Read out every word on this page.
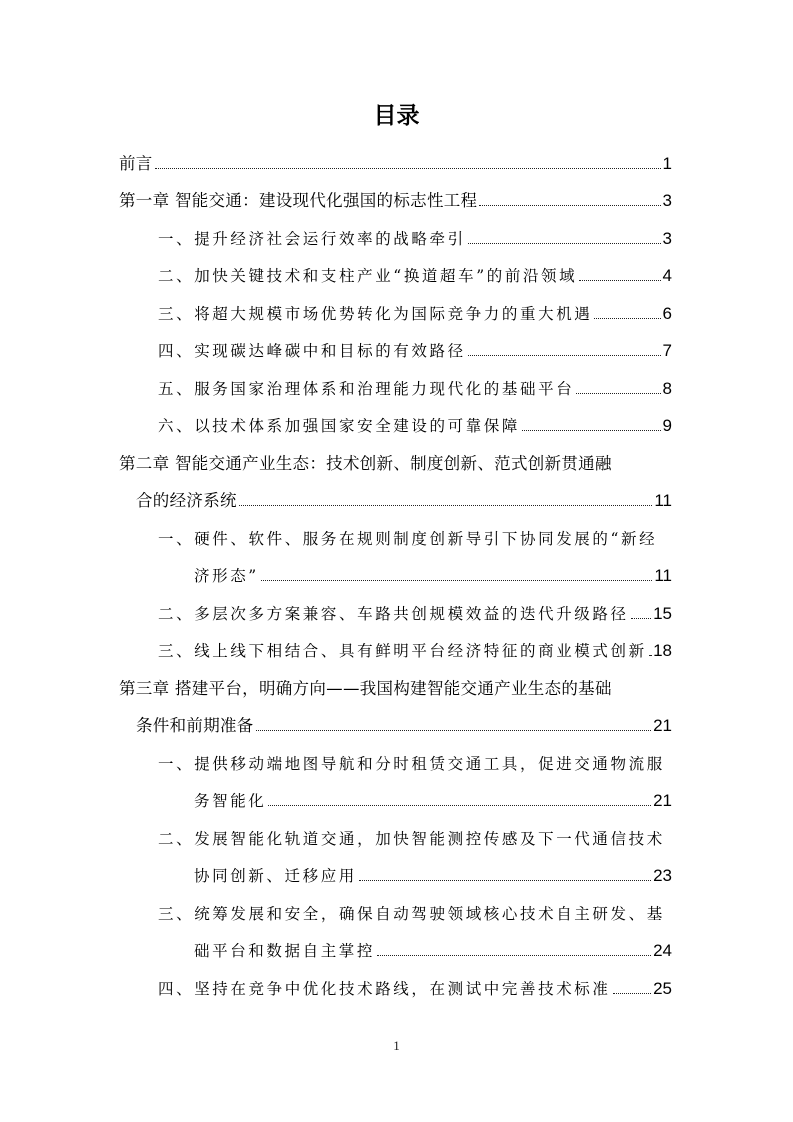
目录
前言	1
第一章 智能交通：建设现代化强国的标志性工程	3
一、提升经济社会运行效率的战略牵引	3
二、加快关键技术和支柱产业“换道超车”的前沿领域	4
三、将超大规模市场优势转化为国际竞争力的重大机遇	6
四、实现碳达峰碳中和目标的有效路径	7
五、服务国家治理体系和治理能力现代化的基础平台	8
六、以技术体系加强国家安全建设的可靠保障	9
第二章 智能交通产业生态：技术创新、制度创新、范式创新贯通融
合的经济系统	11
一、硬件、软件、服务在规则制度创新导引下协同发展的“新经
济形态”	11
二、多层次多方案兼容、车路共创规模效益的迭代升级路径 15
三、线上线下相结合、具有鲜明平台经济特征的商业模式创新 18
第三章 搭建平台，明确方向——我国构建智能交通产业生态的基础
条件和前期准备	21
一、提供移动端地图导航和分时租赁交通工具，促进交通物流服
务智能化	21
二、发展智能化轨道交通，加快智能测控传感及下一代通信技术
协同创新、迁移应用	23
三、统筹发展和安全，确保自动驾驶领域核心技术自主研发、基
础平台和数据自主掌控	24
四、坚持在竞争中优化技术路线，在测试中完善技术标准	25
1
